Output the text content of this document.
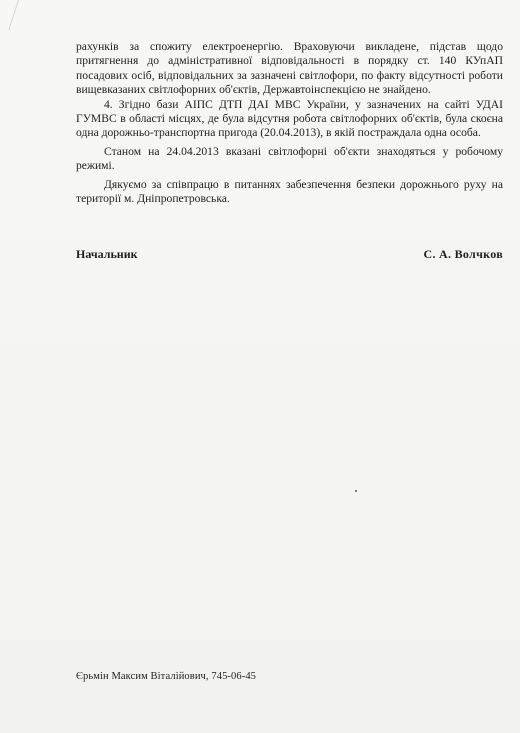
рахунків за спожиту електроенергію. Враховуючи викладене, підстав щодо притягнення до адміністративної відповідальності в порядку ст. 140 КУпАП посадових осіб, відповідальних за зазначені світлофори, по факту відсутності роботи вищевказаних світлофорних об'єктів, Державтоінспекцією не знайдено.

4. Згідно бази АІПС ДТП ДАІ МВС України, у зазначених на сайті УДАІ ГУМВС в області місцях, де була відсутня робота світлофорних об'єктів, була скоєна одна дорожньо-транспортна пригода (20.04.2013), в якій постраждала одна особа.

Станом на 24.04.2013 вказані світлофорні об'єкти знаходяться у робочому режимі.

Дякуємо за співпрацю в питаннях забезпечення безпеки дорожнього руху на території м. Дніпропетровська.

Начальник	С. А. Волчков
Єрьмін Максим Віталійович, 745-06-45
